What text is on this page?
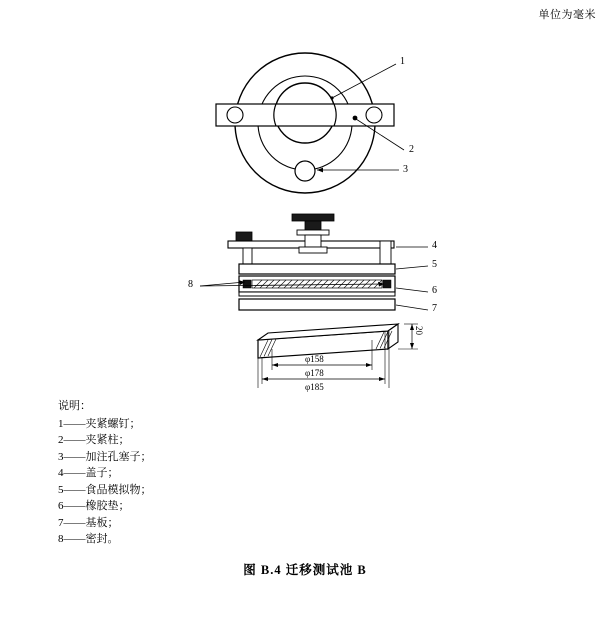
单位为毫米
1
2
3
4
5
6
7
8
φ158
φ178
φ185
20
说明：
1——夹紧螺钉；
2——夹紧柱；
3——加注孔塞子；
4——盖子；
5——食品模拟物；
6——橡胶垫；
7——基板；
8——密封。
图 B.4 迁移测试池 B
